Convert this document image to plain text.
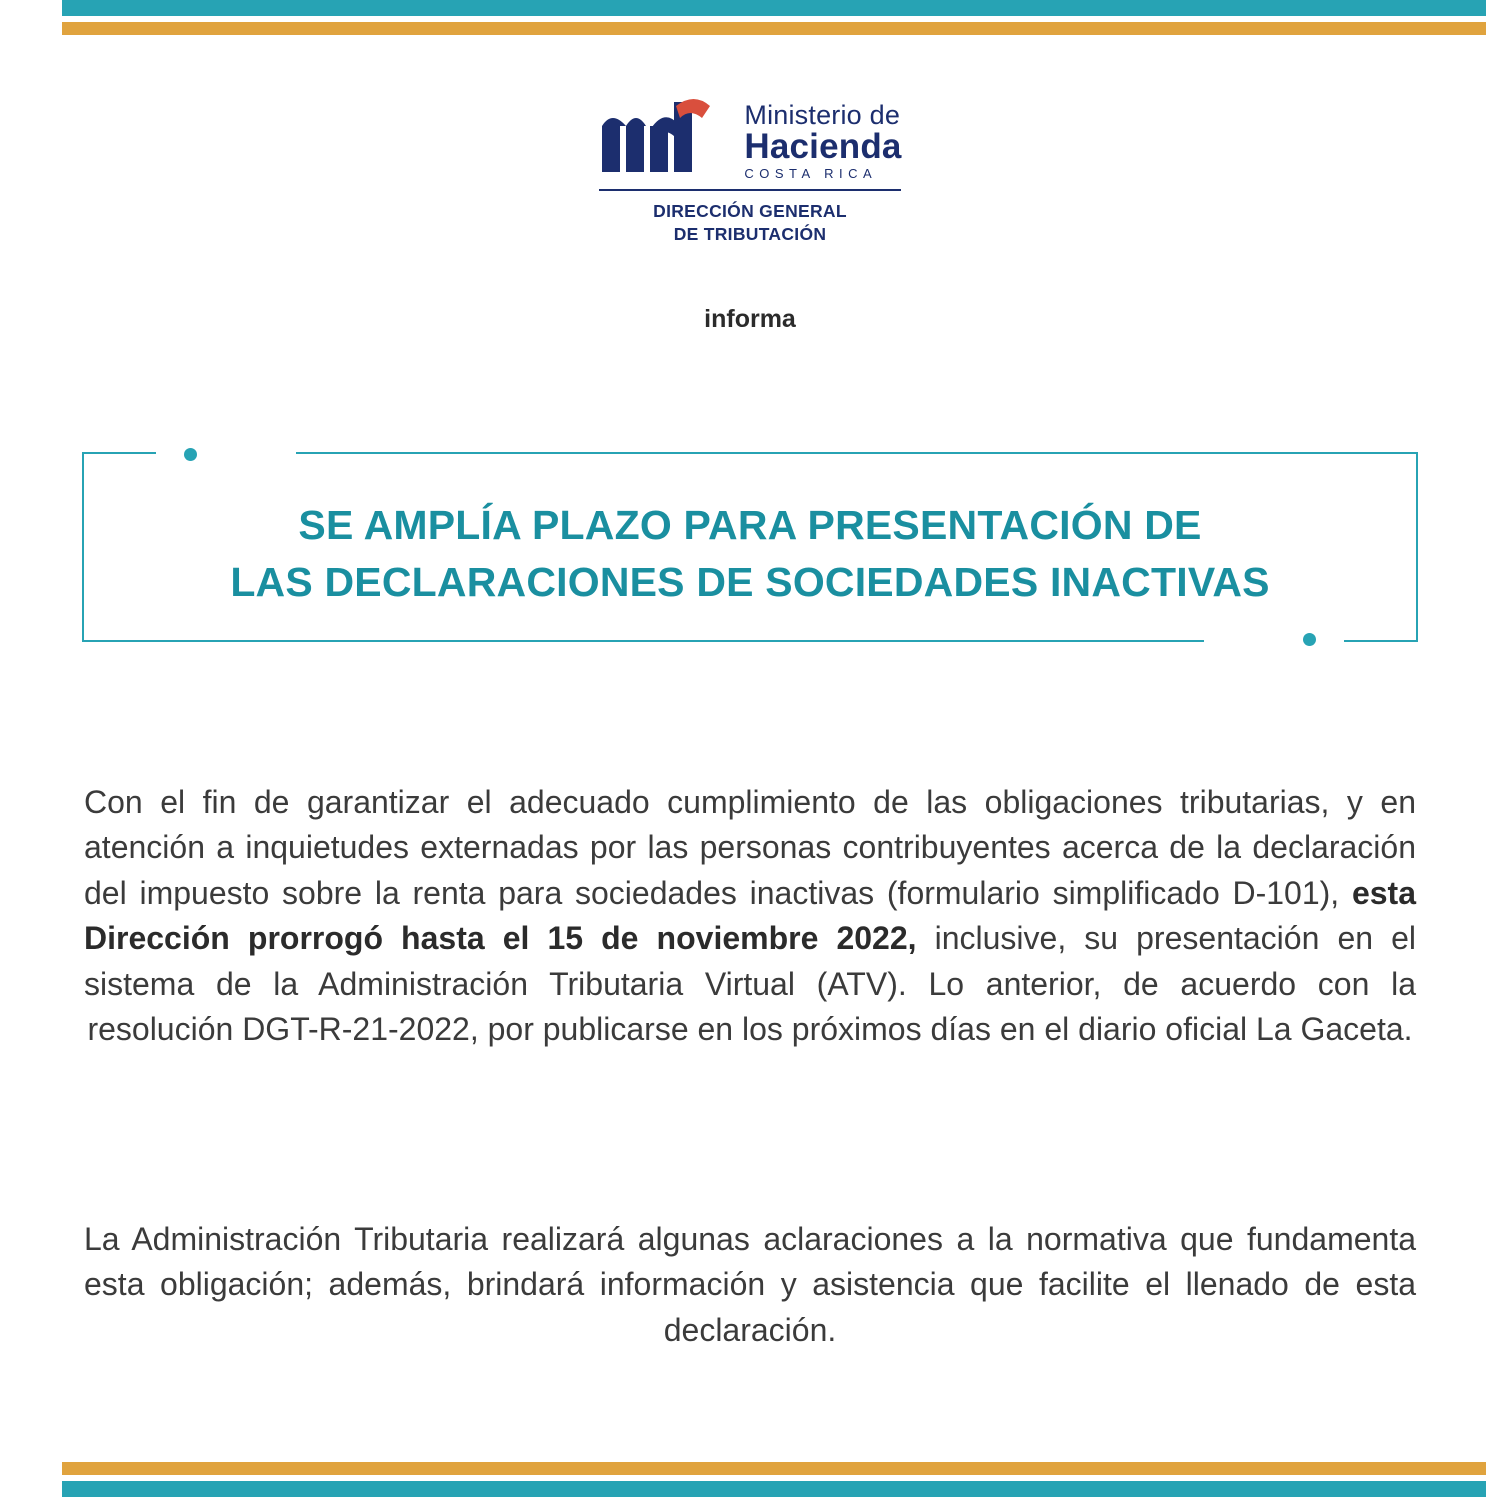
Ministerio de
Hacienda
COSTA RICA
DIRECCIÓN GENERAL
DE TRIBUTACIÓN
informa
SE AMPLÍA PLAZO PARA PRESENTACIÓN DE
LAS DECLARACIONES DE SOCIEDADES INACTIVAS

Con el fin de garantizar el adecuado cumplimiento de las obligaciones tributarias, y en atención a inquietudes externadas por las personas contribuyentes acerca de la declaración del impuesto sobre la renta para sociedades inactivas (formulario simplificado D-101), esta Dirección prorrogó hasta el 15 de noviembre 2022, inclusive, su presentación en el sistema de la Administración Tributaria Virtual (ATV). Lo anterior, de acuerdo con la resolución DGT-R-21-2022, por publicarse en los próximos días en el diario oficial La Gaceta.

La Administración Tributaria realizará algunas aclaraciones a la normativa que fundamenta esta obligación; además, brindará información y asistencia que facilite el llenado de esta declaración.
